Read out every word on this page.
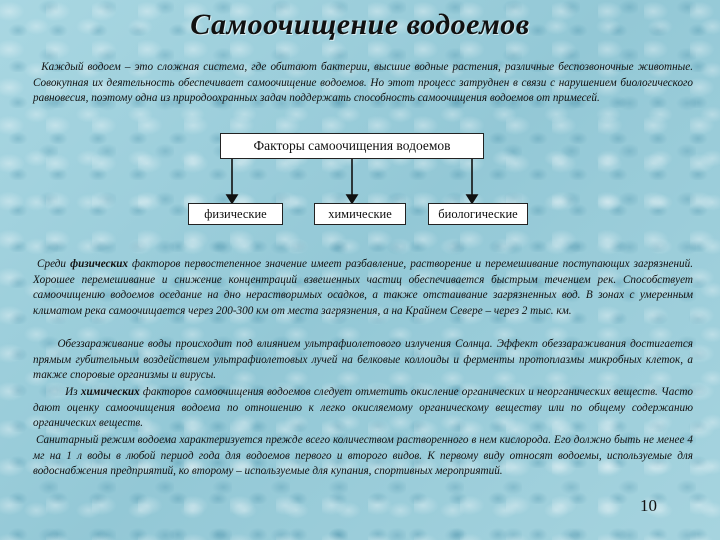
Самоочищение водоемов

Каждый водоем – это сложная система, где обитают бактерии, высшие водные растения, различные беспозвоночные животные. Совокупная их деятельность обеспечивает самоочищение водоемов. Но этот процесс затруднен в связи с нарушением биологического равновесия, поэтому одна из природоохранных задач поддержать способность самоочищения водоемов от примесей.

Факторы самоочищения водоемов
физические	химические	биологические

Среди физических факторов первостепенное значение имеет разбавление, растворение и перемешивание поступающих загрязнений. Хорошее перемешивание и снижение концентраций взвешенных частиц обеспечивается быстрым течением рек. Способствует самоочищению водоемов оседание на дно нерастворимых осадков, а также отстаивание загрязненных вод. В зонах с умеренным климатом река самоочищается через 200-300 км от места загрязнения, а на Крайнем Севере – через 2 тыс. км.

Обеззараживание воды происходит под влиянием ультрафиолетового излучения Солнца. Эффект обеззараживания достигается прямым губительным воздействием ультрафиолетовых лучей на белковые коллоиды и ферменты протоплазмы микробных клеток, а также споровые организмы и вирусы.

Из химических факторов самоочищения водоемов следует отметить окисление органических и неорганических веществ. Часто дают оценку самоочищения водоема по отношению к легко окисляемому органическому веществу или по общему содержанию органических веществ.

Санитарный режим водоема характеризуется прежде всего количеством растворенного в нем кислорода. Его должно быть не менее 4 мг на 1 л воды в любой период года для водоемов первого и второго видов. К первому виду относят водоемы, используемые для водоснабжения предприятий, ко второму – используемые для купания, спортивных мероприятий.

10
